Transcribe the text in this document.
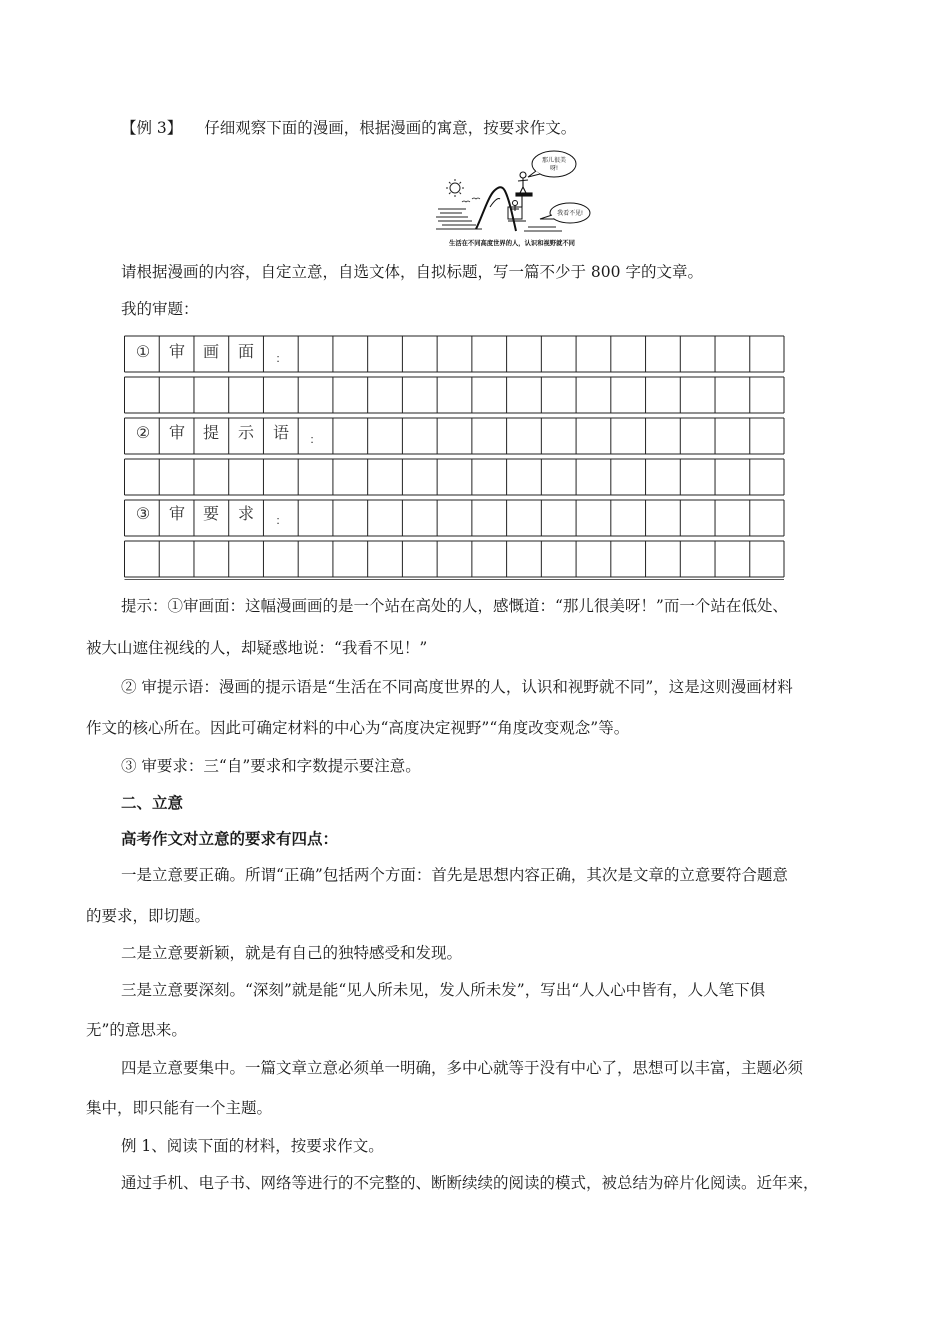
【例 3】 仔细观察下面的漫画，根据漫画的寓意，按要求作文。
那儿很美
呀!
我看不见!
生活在不同高度世界的人，认识和视野就不同
请根据漫画的内容，自定立意，自选文体，自拟标题，写一篇不少于 800 字的文章。
我的审题：
①	审	画	面	：
②	审	提	示	语	：
③	审	要	求	：
提示：①审画面：这幅漫画画的是一个站在高处的人，感慨道：“那儿很美呀！”而一个站在低处、
被大山遮住视线的人，却疑惑地说：“我看不见！”
② 审提示语：漫画的提示语是“生活在不同高度世界的人，认识和视野就不同”，这是这则漫画材料
作文的核心所在。因此可确定材料的中心为“高度决定视野”“角度改变观念”等。
③ 审要求：三“自”要求和字数提示要注意。
二、立意
高考作文对立意的要求有四点：
一是立意要正确。所谓“正确”包括两个方面：首先是思想内容正确，其次是文章的立意要符合题意
的要求，即切题。
二是立意要新颖，就是有自己的独特感受和发现。
三是立意要深刻。“深刻”就是能“见人所未见，发人所未发”，写出“人人心中皆有，人人笔下俱
无”的意思来。
四是立意要集中。一篇文章立意必须单一明确，多中心就等于没有中心了，思想可以丰富，主题必须
集中，即只能有一个主题。
例 1、阅读下面的材料，按要求作文。
通过手机、电子书、网络等进行的不完整的、断断续续的阅读的模式，被总结为碎片化阅读。近年来，
